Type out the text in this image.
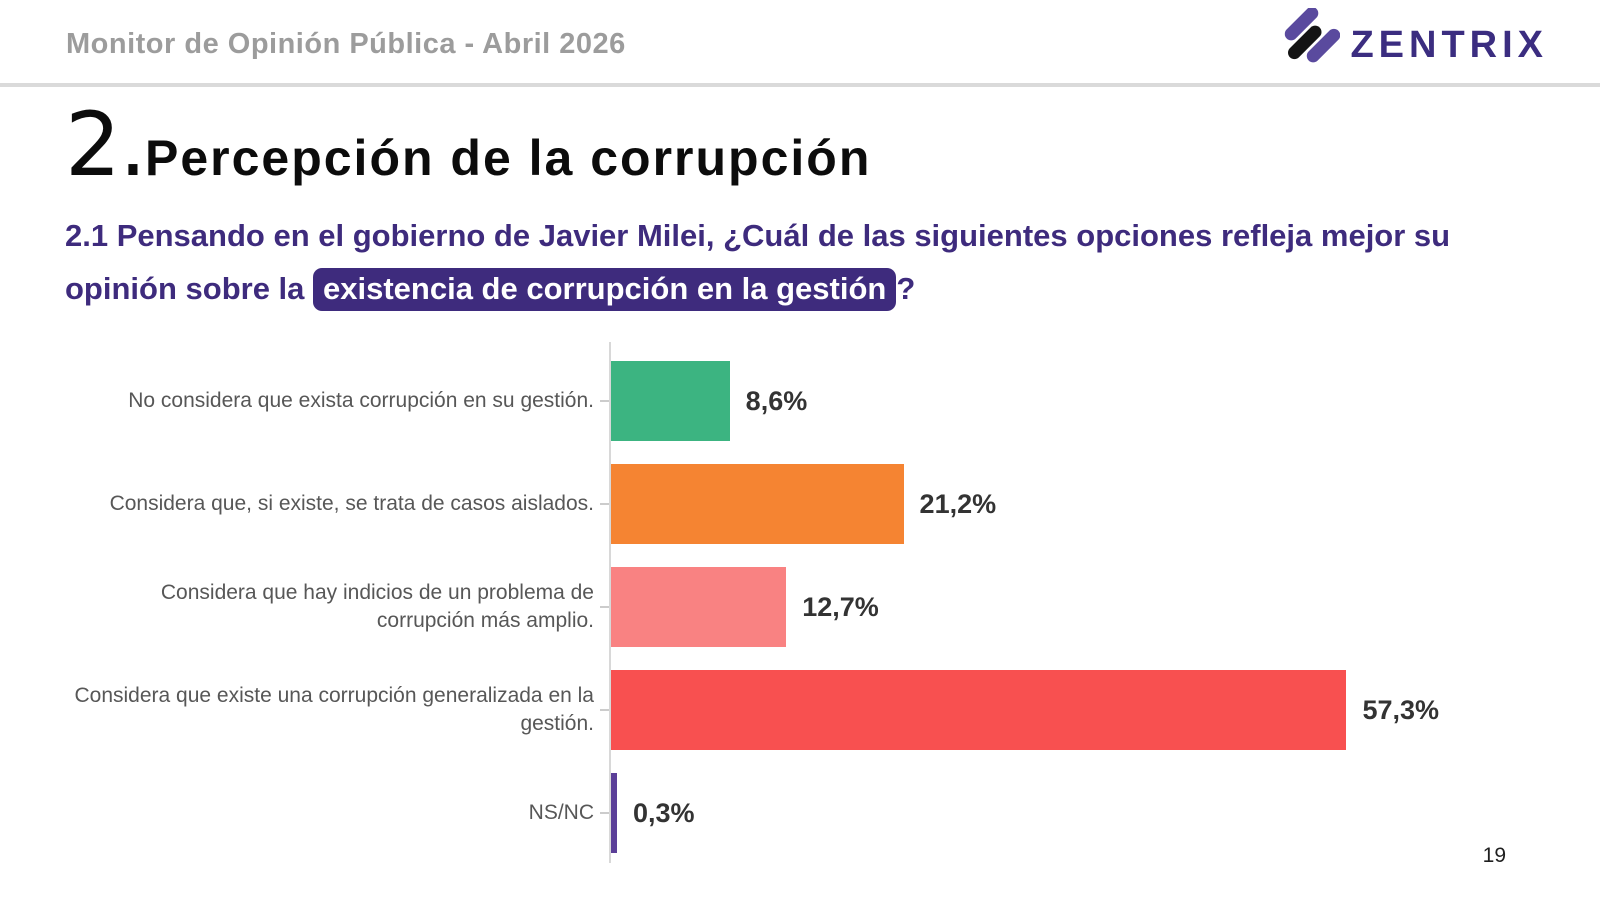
Monitor de Opinión Pública - Abril 2026	ZENTRIX
2. Percepción de la corrupción
2.1 Pensando en el gobierno de Javier Milei, ¿Cuál de las siguientes opciones refleja mejor su opinión sobre la existencia de corrupción en la gestión ?
No considera que exista corrupción en su gestión.	8,6%
Considera que, si existe, se trata de casos aislados.	21,2%
Considera que hay indicios de un problema de corrupción más amplio.	12,7%
Considera que existe una corrupción generalizada en la gestión.	57,3%
NS/NC 0,3%
19
